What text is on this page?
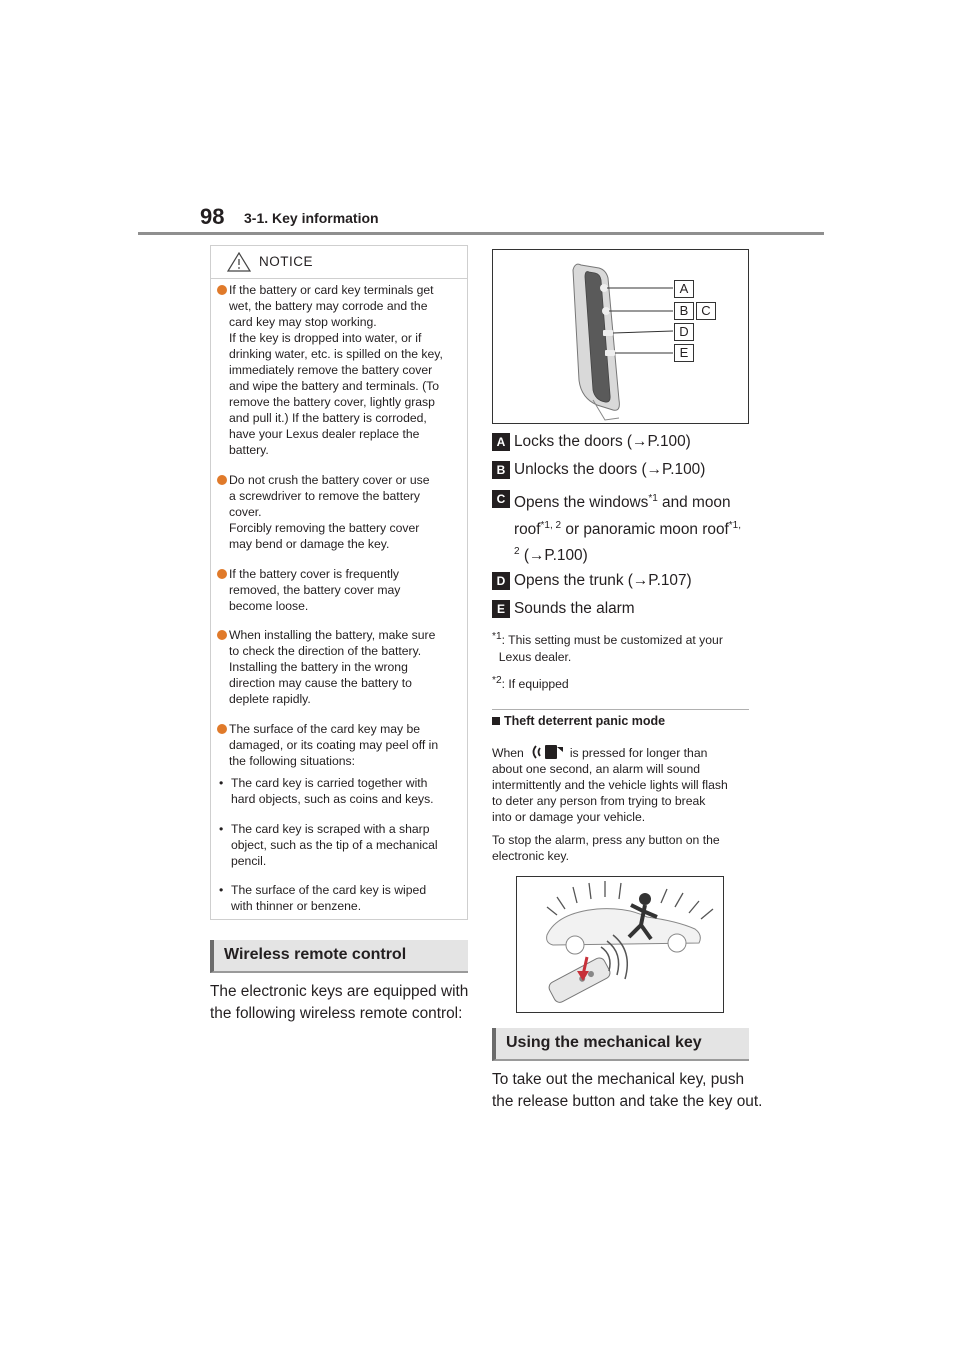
98 3-1. Key information
NOTICE
If the battery or card key terminals get
wet, the battery may corrode and the
card key may stop working.
If the key is dropped into water, or if
drinking water, etc. is spilled on the key,
immediately remove the battery cover
and wipe the battery and terminals. (To
remove the battery cover, lightly grasp
and pull it.) If the battery is corroded,
have your Lexus dealer replace the
battery.
Do not crush the battery cover or use
a screwdriver to remove the battery
cover.
Forcibly removing the battery cover
may bend or damage the key.
If the battery cover is frequently
removed, the battery cover may
become loose.
When installing the battery, make sure
to check the direction of the battery.
Installing the battery in the wrong
direction may cause the battery to
deplete rapidly.
The surface of the card key may be
damaged, or its coating may peel off in
the following situations:
• The card key is carried together with
hard objects, such as coins and keys.
• The card key is scraped with a sharp
object, such as the tip of a mechanical
pencil.
• The surface of the card key is wiped
with thinner or benzene.
Wireless remote control
The electronic keys are equipped with
the following wireless remote control:
A
B C
D
E
A Locks the doors (→P.100)
B Unlocks the doors (→P.100)
C Opens the windows$^{*1}$ and moon
roof$^{*1, 2}$ or panoramic moon roof$^{*1,}$
$^2$ (→P.100)
D Opens the trunk (→P.107)
E Sounds the alarm
$^{*1}$: This setting must be customized at your
Lexus dealer.
$^{*2}$: If equipped
Theft deterrent panic mode
When	is pressed for longer than
about one second, an alarm will sound
intermittently and the vehicle lights will flash
to deter any person from trying to break
into or damage your vehicle.
To stop the alarm, press any button on the
electronic key.
Using the mechanical key
To take out the mechanical key, push
the release button and take the key out.
